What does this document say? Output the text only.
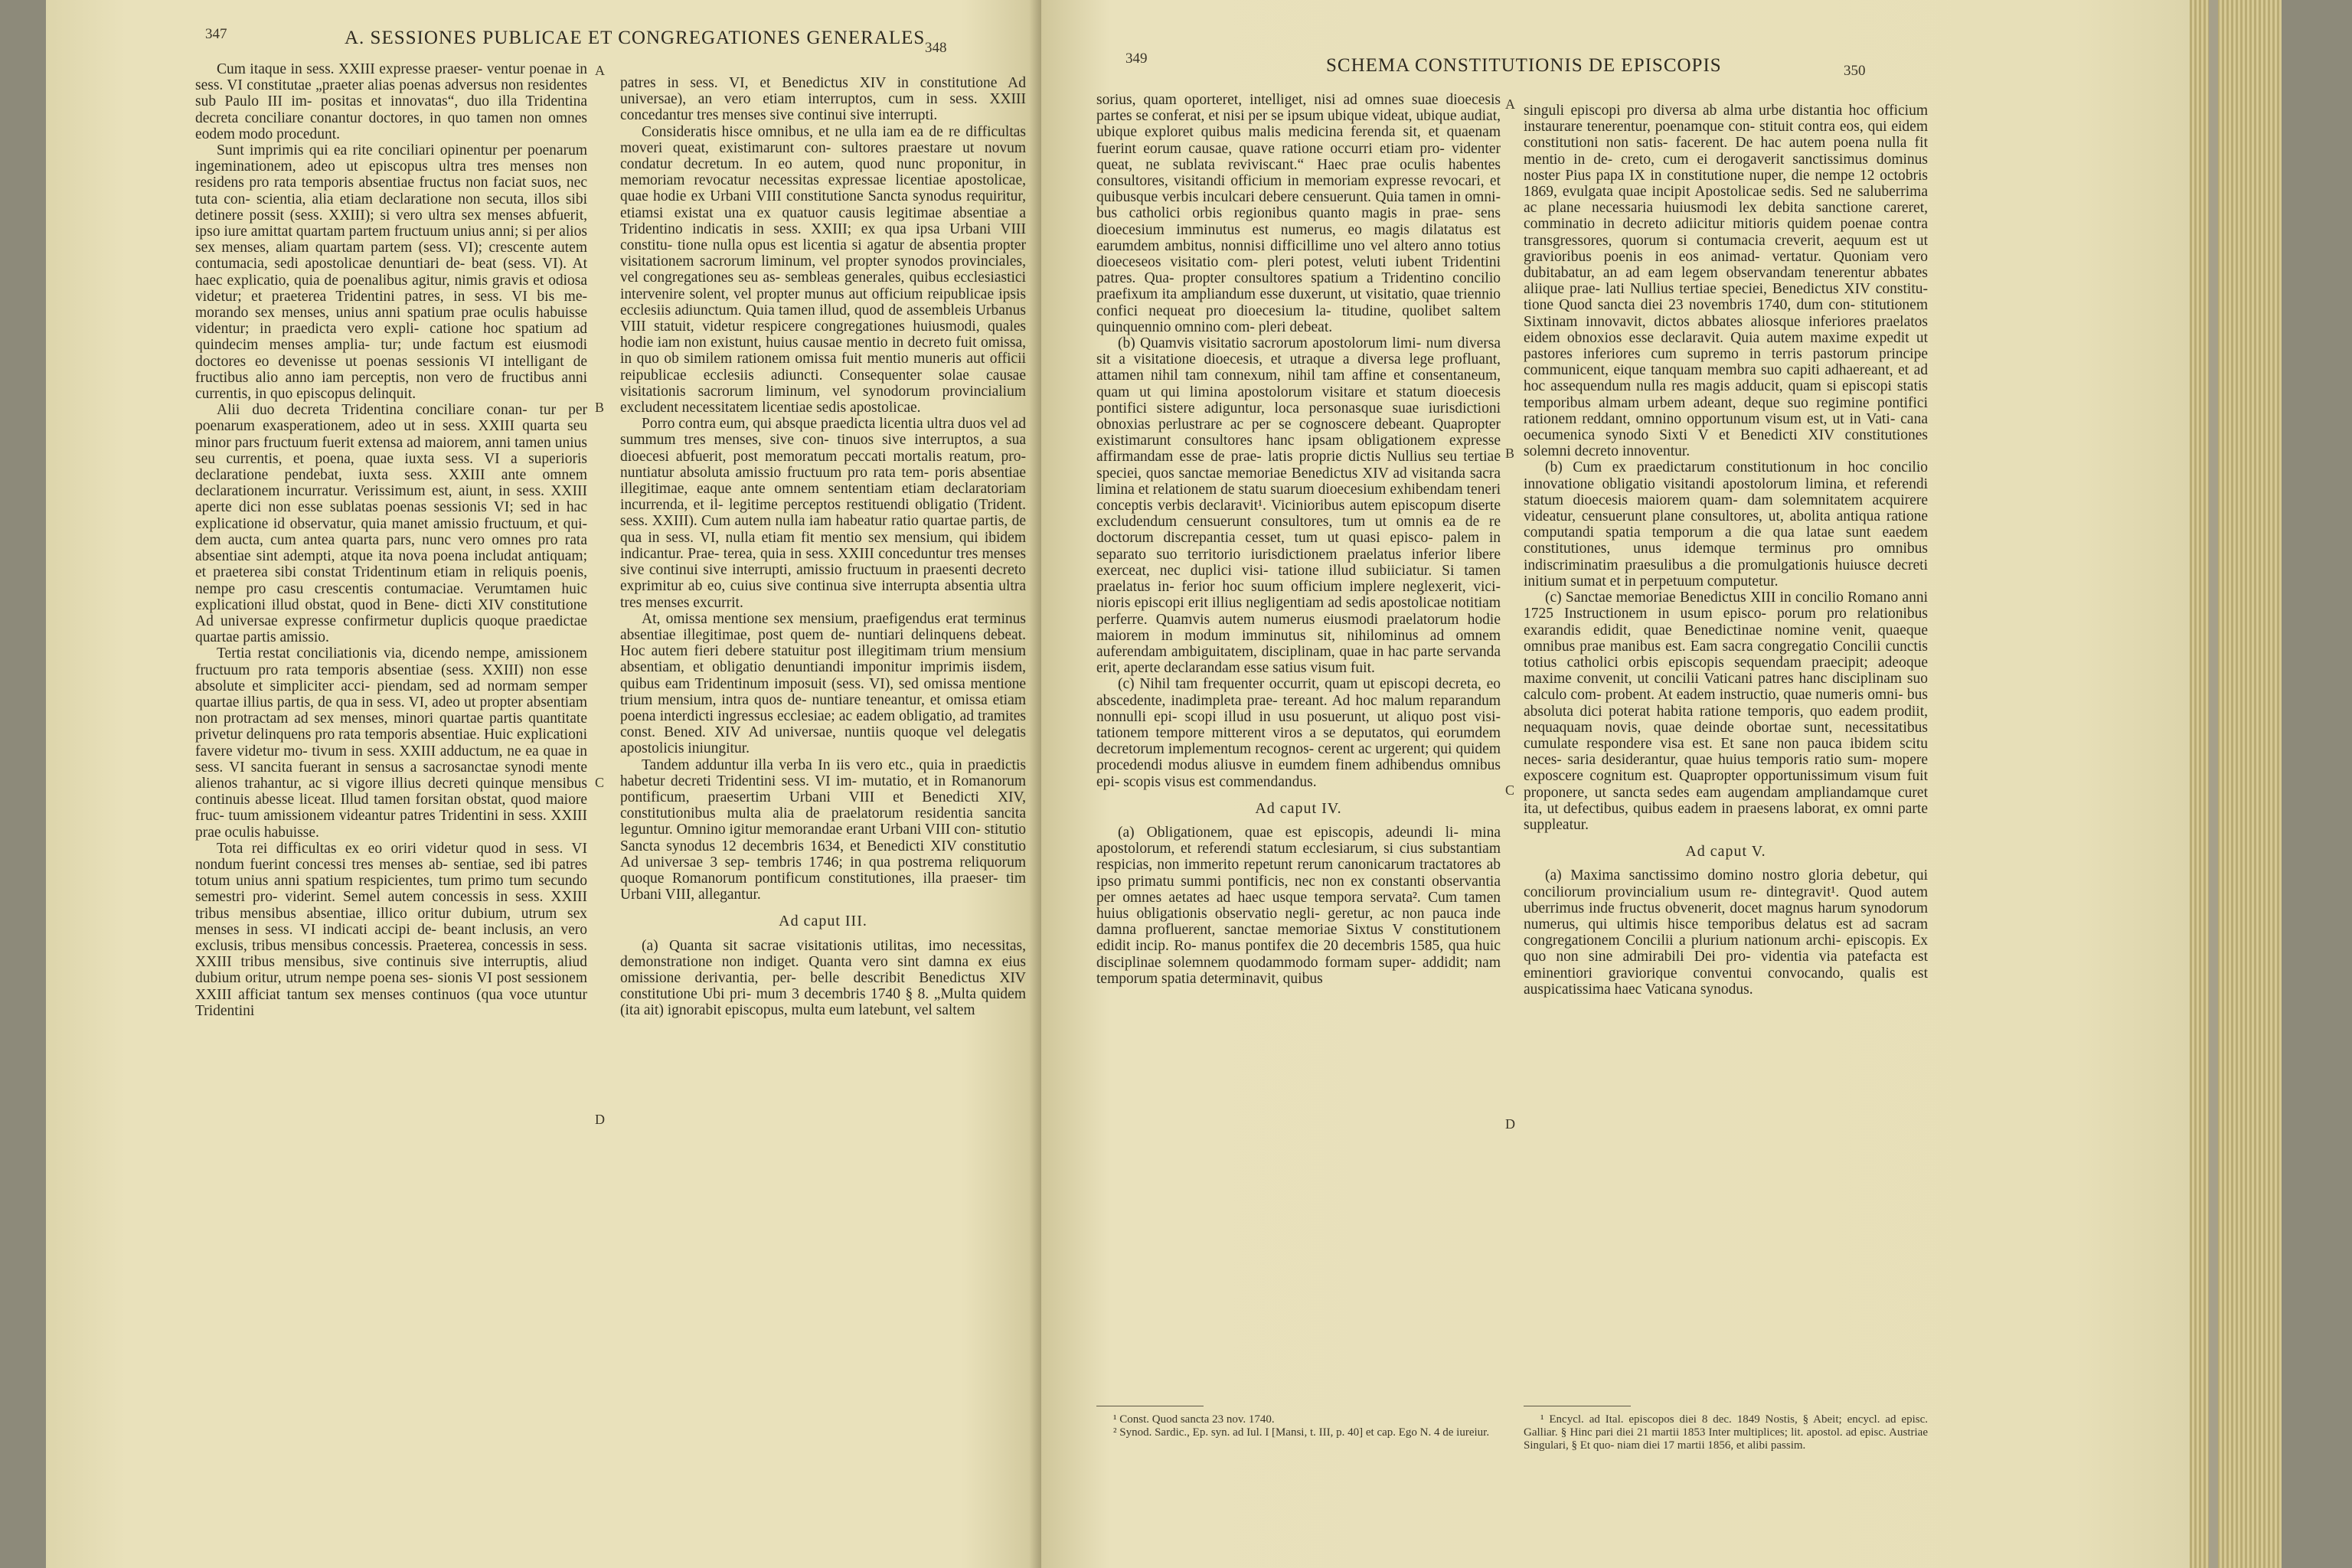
347	A. SESSIONES PUBLICAE ET CONGREGATIONES GENERALES 348

Cum itaque in sess. XXIII expresse praeser- ventur poenae in sess. VI constitutae „praeter alias poenas adversus non residentes sub Paulo III im- positas et innovatas“, duo illa Tridentina decreta conciliare conantur doctores, in quo tamen non omnes eodem modo procedunt.

Sunt imprimis qui ea rite conciliari opinentur per poenarum ingeminationem, adeo ut episcopus ultra tres menses non residens pro rata temporis absentiae fructus non faciat suos, nec tuta con- scientia, alia etiam declaratione non secuta, illos sibi detinere possit (sess. XXIII); si vero ultra sex menses abfuerit, ipso iure amittat quartam partem fructuum unius anni; si per alios sex menses, aliam quartam partem (sess. VI); crescente autem contumacia, sedi apostolicae denuntiari de- beat (sess. VI). At haec explicatio, quia de poenalibus agitur, nimis gravis et odiosa videtur; et praeterea Tridentini patres, in sess. VI bis me- morando sex menses, unius anni spatium prae oculis habuisse videntur; in praedicta vero expli- catione hoc spatium ad quindecim menses amplia- tur; unde factum est eiusmodi doctores eo devenisse ut poenas sessionis VI intelligant de fructibus alio anno iam perceptis, non vero de fructibus anni currentis, in quo episcopus delinquit.

Alii duo decreta Tridentina conciliare conan- tur per poenarum exasperationem, adeo ut in sess. XXIII quarta seu minor pars fructuum fuerit extensa ad maiorem, anni tamen unius seu currentis, et poena, quae iuxta sess. VI a superioris declaratione pendebat, iuxta sess. XXIII ante omnem declarationem incurratur. Verissimum est, aiunt, in sess. XXIII aperte dici non esse sublatas poenas sessionis VI; sed in hac explicatione id observatur, quia manet amissio fructuum, et qui- dem aucta, cum antea quarta pars, nunc vero omnes pro rata absentiae sint adempti, atque ita nova poena includat antiquam; et praeterea sibi constat Tridentinum etiam in reliquis poenis, nempe pro casu crescentis contumaciae. Verumtamen huic explicationi illud obstat, quod in Bene- dicti XIV constitutione Ad universae expresse confirmetur duplicis quoque praedictae quartae partis amissio.

Tertia restat conciliationis via, dicendo nempe, amissionem fructuum pro rata temporis absentiae (sess. XXIII) non esse absolute et simpliciter acci- piendam, sed ad normam semper quartae illius partis, de qua in sess. VI, adeo ut propter absentiam non protractam ad sex menses, minori quartae partis quantitate privetur delinquens pro rata temporis absentiae. Huic explicationi favere videtur mo- tivum in sess. XXIII adductum, ne ea quae in sess. VI sancita fuerant in sensus a sacrosanctae synodi mente alienos trahantur, ac si vigore illius decreti quinque mensibus continuis abesse liceat. Illud tamen forsitan obstat, quod maiore fruc- tuum amissionem videantur patres Tridentini in sess. XXIII prae oculis habuisse.

Tota rei difficultas ex eo oriri videtur quod in sess. VI nondum fuerint concessi tres menses ab- sentiae, sed ibi patres totum unius anni spatium respicientes, tum primo tum secundo semestri pro- viderint. Semel autem concessis in sess. XXIII tribus mensibus absentiae, illico oritur dubium, utrum sex menses in sess. VI indicati accipi de- beant inclusis, an vero exclusis, tribus mensibus concessis. Praeterea, concessis in sess. XXIII tribus mensibus, sive continuis sive interruptis, aliud dubium oritur, utrum nempe poena ses- sionis VI post sessionem XXIII afficiat tantum sex menses continuos (qua voce utuntur Tridentini

patres in sess. VI, et Benedictus XIV in constitutione Ad universae), an vero etiam interruptos, cum in sess. XXIII concedantur tres menses sive continui sive interrupti.

Consideratis hisce omnibus, et ne ulla iam ea de re difficultas moveri queat, existimarunt con- sultores praestare ut novum condatur decretum. In eo autem, quod nunc proponitur, in memoriam revocatur necessitas expressae licentiae apostolicae, quae hodie ex Urbani VIII constitutione Sancta synodus requiritur, etiamsi existat una ex quatuor causis legitimae absentiae a Tridentino indicatis in sess. XXIII; ex qua ipsa Urbani VIII constitu- tione nulla opus est licentia si agatur de absentia propter visitationem sacrorum liminum, vel propter synodos provinciales, vel congregationes seu as- sembleas generales, quibus ecclesiastici intervenire solent, vel propter munus aut officium reipublicae ipsis ecclesiis adiunctum. Quia tamen illud, quod de assembleis Urbanus VIII statuit, videtur respicere congregationes huiusmodi, quales hodie iam non existunt, huius causae mentio in decreto fuit omissa, in quo ob similem rationem omissa fuit mentio muneris aut officii reipublicae ecclesiis adiuncti. Consequenter solae causae visitationis sacrorum liminum, vel synodorum provincialium excludent necessitatem licentiae sedis apostolicae.

Porro contra eum, qui absque praedicta licentia ultra duos vel ad summum tres menses, sive con- tinuos sive interruptos, a sua dioecesi abfuerit, post memoratum peccati mortalis reatum, pro- nuntiatur absoluta amissio fructuum pro rata tem- poris absentiae illegitimae, eaque ante omnem sententiam etiam declaratoriam incurrenda, et il- legitime perceptos restituendi obligatio (Trident. sess. XXIII). Cum autem nulla iam habeatur ratio quartae partis, de qua in sess. VI, nulla etiam fit mentio sex mensium, qui ibidem indicantur. Prae- terea, quia in sess. XXIII conceduntur tres menses sive continui sive interrupti, amissio fructuum in praesenti decreto exprimitur ab eo, cuius sive continua sive interrupta absentia ultra tres menses excurrit.

At, omissa mentione sex mensium, praefigendus erat terminus absentiae illegitimae, post quem de- nuntiari delinquens debeat. Hoc autem fieri debere statuitur post illegitimam trium mensium absentiam, et obligatio denuntiandi imponitur imprimis iisdem, quibus eam Tridentinum imposuit (sess. VI), sed omissa mentione trium mensium, intra quos de- nuntiare teneantur, et omissa etiam poena interdicti ingressus ecclesiae; ac eadem obligatio, ad tramites const. Bened. XIV Ad universae, nuntiis quoque vel delegatis apostolicis iniungitur.

Tandem adduntur illa verba In iis vero etc., quia in praedictis habetur decreti Tridentini sess. VI im- mutatio, et in Romanorum pontificum, praesertim Urbani VIII et Benedicti XIV, constitutionibus multa alia de praelatorum residentia sancita leguntur. Omnino igitur memorandae erant Urbani VIII con- stitutio Sancta synodus 12 decembris 1634, et Benedicti XIV constitutio Ad universae 3 sep- tembris 1746; in qua postrema reliquorum quoque Romanorum pontificum constitutiones, illa praeser- tim Urbani VIII, allegantur.

Ad caput III.

(a) Quanta sit sacrae visitationis utilitas, imo necessitas, demonstratione non indiget. Quanta vero sint damna ex eius omissione derivantia, per- belle describit Benedictus XIV constitutione Ubi pri- mum 3 decembris 1740 § 8. „Multa quidem (ita ait) ignorabit episcopus, multa eum latebunt, vel saltem

A
B
C
D
349	SCHEMA CONSTITUTIONIS DE EPISCOPIS	350

sorius, quam oporteret, intelliget, nisi ad omnes suae dioecesis partes se conferat, et nisi per se ipsum ubique videat, ubique audiat, ubique exploret quibus malis medicina ferenda sit, et quaenam fuerint eorum causae, quave ratione occurri etiam pro- videnter queat, ne sublata reviviscant.“ Haec prae oculis habentes consultores, visitandi officium in memoriam expresse revocari, et quibusque verbis inculcari debere censuerunt. Quia tamen in omni- bus catholici orbis regionibus quanto magis in prae- sens dioecesium imminutus est numerus, eo magis dilatatus est earumdem ambitus, nonnisi difficillime uno vel altero anno totius dioeceseos visitatio com- pleri potest, veluti iubent Tridentini patres. Qua- propter consultores spatium a Tridentino concilio praefixum ita ampliandum esse duxerunt, ut visitatio, quae triennio confici nequeat pro dioecesium la- titudine, quolibet saltem quinquennio omnino com- pleri debeat.

(b) Quamvis visitatio sacrorum apostolorum limi- num diversa sit a visitatione dioecesis, et utraque a diversa lege profluant, attamen nihil tam connexum, nihil tam affine et consentaneum, quam ut qui limina apostolorum visitare et statum dioecesis pontifici sistere adiguntur, loca personasque suae iurisdictioni obnoxias perlustrare ac per se cognoscere debeant. Quapropter existimarunt consultores hanc ipsam obligationem expresse affirmandam esse de prae- latis proprie dictis Nullius seu tertiae speciei, quos sanctae memoriae Benedictus XIV ad visitanda sacra limina et relationem de statu suarum dioecesium exhibendam teneri conceptis verbis declaravit¹. Vicinioribus autem episcopum diserte excludendum censuerunt consultores, tum ut omnis ea de re doctorum discrepantia cesset, tum ut quasi episco- palem in separato suo territorio iurisdictionem praelatus inferior libere exerceat, nec duplici visi- tatione illud subiiciatur. Si tamen praelatus in- ferior hoc suum officium implere neglexerit, vici- nioris episcopi erit illius negligentiam ad sedis apostolicae notitiam perferre. Quamvis autem numerus eiusmodi praelatorum hodie maiorem in modum imminutus sit, nihilominus ad omnem auferendam ambiguitatem, disciplinam, quae in hac parte servanda erit, aperte declarandam esse satius visum fuit.

(c) Nihil tam frequenter occurrit, quam ut episcopi decreta, eo abscedente, inadimpleta prae- tereant. Ad hoc malum reparandum nonnulli epi- scopi illud in usu posuerunt, ut aliquo post visi- tationem tempore mitterent viros a se deputatos, qui eorumdem decretorum implementum recognos- cerent ac urgerent; qui quidem procedendi modus aliusve in eumdem finem adhibendus omnibus epi- scopis visus est commendandus.

Ad caput IV.

(a) Obligationem, quae est episcopis, adeundi li- mina apostolorum, et referendi statum ecclesiarum, si cius substantiam respicias, non immerito repetunt rerum canonicarum tractatores ab ipso primatu summi pontificis, nec non ex constanti observantia per omnes aetates ad haec usque tempora servata². Cum tamen huius obligationis observatio negli- geretur, ac non pauca inde damna profluerent, sanctae memoriae Sixtus V constitutionem edidit incip. Ro- manus pontifex die 20 decembris 1585, qua huic disciplinae solemnem quodammodo formam super- addidit; nam temporum spatia determinavit, quibus

singuli episcopi pro diversa ab alma urbe distantia hoc officium instaurare tenerentur, poenamque con- stituit contra eos, qui eidem constitutioni non satis- facerent. De hac autem poena nulla fit mentio in de- creto, cum ei derogaverit sanctissimus dominus noster Pius papa IX in constitutione nuper, die nempe 12 octobris 1869, evulgata quae incipit Apostolicae sedis. Sed ne saluberrima ac plane necessaria huiusmodi lex debita sanctione careret, comminatio in decreto adiicitur mitioris quidem poenae contra transgressores, quorum si contumacia creverit, aequum est ut gravioribus poenis in eos animad- vertatur. Quoniam vero dubitabatur, an ad eam legem observandam tenerentur abbates aliique prae- lati Nullius tertiae speciei, Benedictus XIV constitu- tione Quod sancta diei 23 novembris 1740, dum con- stitutionem Sixtinam innovavit, dictos abbates aliosque inferiores praelatos eidem obnoxios esse declaravit. Quia autem maxime expedit ut pastores inferiores cum supremo in terris pastorum principe communicent, eique tanquam membra suo capiti adhaereant, et ad hoc assequendum nulla res magis adducit, quam si episcopi statis temporibus almam urbem adeant, deque suo regimine pontifici rationem reddant, omnino opportunum visum est, ut in Vati- cana oecumenica synodo Sixti V et Benedicti XIV constitutiones solemni decreto innoventur.

(b) Cum ex praedictarum constitutionum in hoc concilio innovatione obligatio visitandi apostolorum limina, et referendi statum dioecesis maiorem quam- dam solemnitatem acquirere videatur, censuerunt plane consultores, ut, abolita antiqua ratione computandi spatia temporum a die qua latae sunt eaedem constitutiones, unus idemque terminus pro omnibus indiscriminatim praesulibus a die promulgationis huiusce decreti initium sumat et in perpetuum computetur.

(c) Sanctae memoriae Benedictus XIII in concilio Romano anni 1725 Instructionem in usum episco- porum pro relationibus exarandis edidit, quae Benedictinae nomine venit, quaeque omnibus prae manibus est. Eam sacra congregatio Concilii cunctis totius catholici orbis episcopis sequendam praecipit; adeoque maxime convenit, ut concilii Vaticani patres hanc disciplinam suo calculo com- probent. At eadem instructio, quae numeris omni- bus absoluta dici poterat habita ratione temporis, quo eadem prodiit, nequaquam novis, quae deinde obortae sunt, necessitatibus cumulate respondere visa est. Et sane non pauca ibidem scitu neces- saria desiderantur, quae huius temporis ratio sum- mopere exposcere cognitum est. Quapropter opportunissimum visum fuit proponere, ut sancta sedes eam augendam ampliandamque curet ita, ut defectibus, quibus eadem in praesens laborat, ex omni parte suppleatur.

Ad caput V.

(a) Maxima sanctissimo domino nostro gloria debetur, qui conciliorum provincialium usum re- dintegravit¹. Quod autem uberrimus inde fructus obvenerit, docet magnus harum synodorum numerus, qui ultimis hisce temporibus delatus est ad sacram congregationem Concilii a plurium nationum archi- episcopis. Ex quo non sine admirabili Dei pro- videntia via patefacta est eminentiori graviorique conventui convocando, qualis est auspicatissima haec Vaticana synodus.

A
B
C
D

¹ Const. Quod sancta 23 nov. 1740.

² Synod. Sardic., Ep. syn. ad Iul. I [Mansi, t. III, p. 40] et cap. Ego N. 4 de iureiur.

¹ Encycl. ad Ital. episcopos diei 8 dec. 1849 Nostis, § Abeit; encycl. ad episc. Galliar. § Hinc pari diei 21 martii 1853 Inter multiplices; lit. apostol. ad episc. Austriae Singulari, § Et quo- niam diei 17 martii 1856, et alibi passim.
